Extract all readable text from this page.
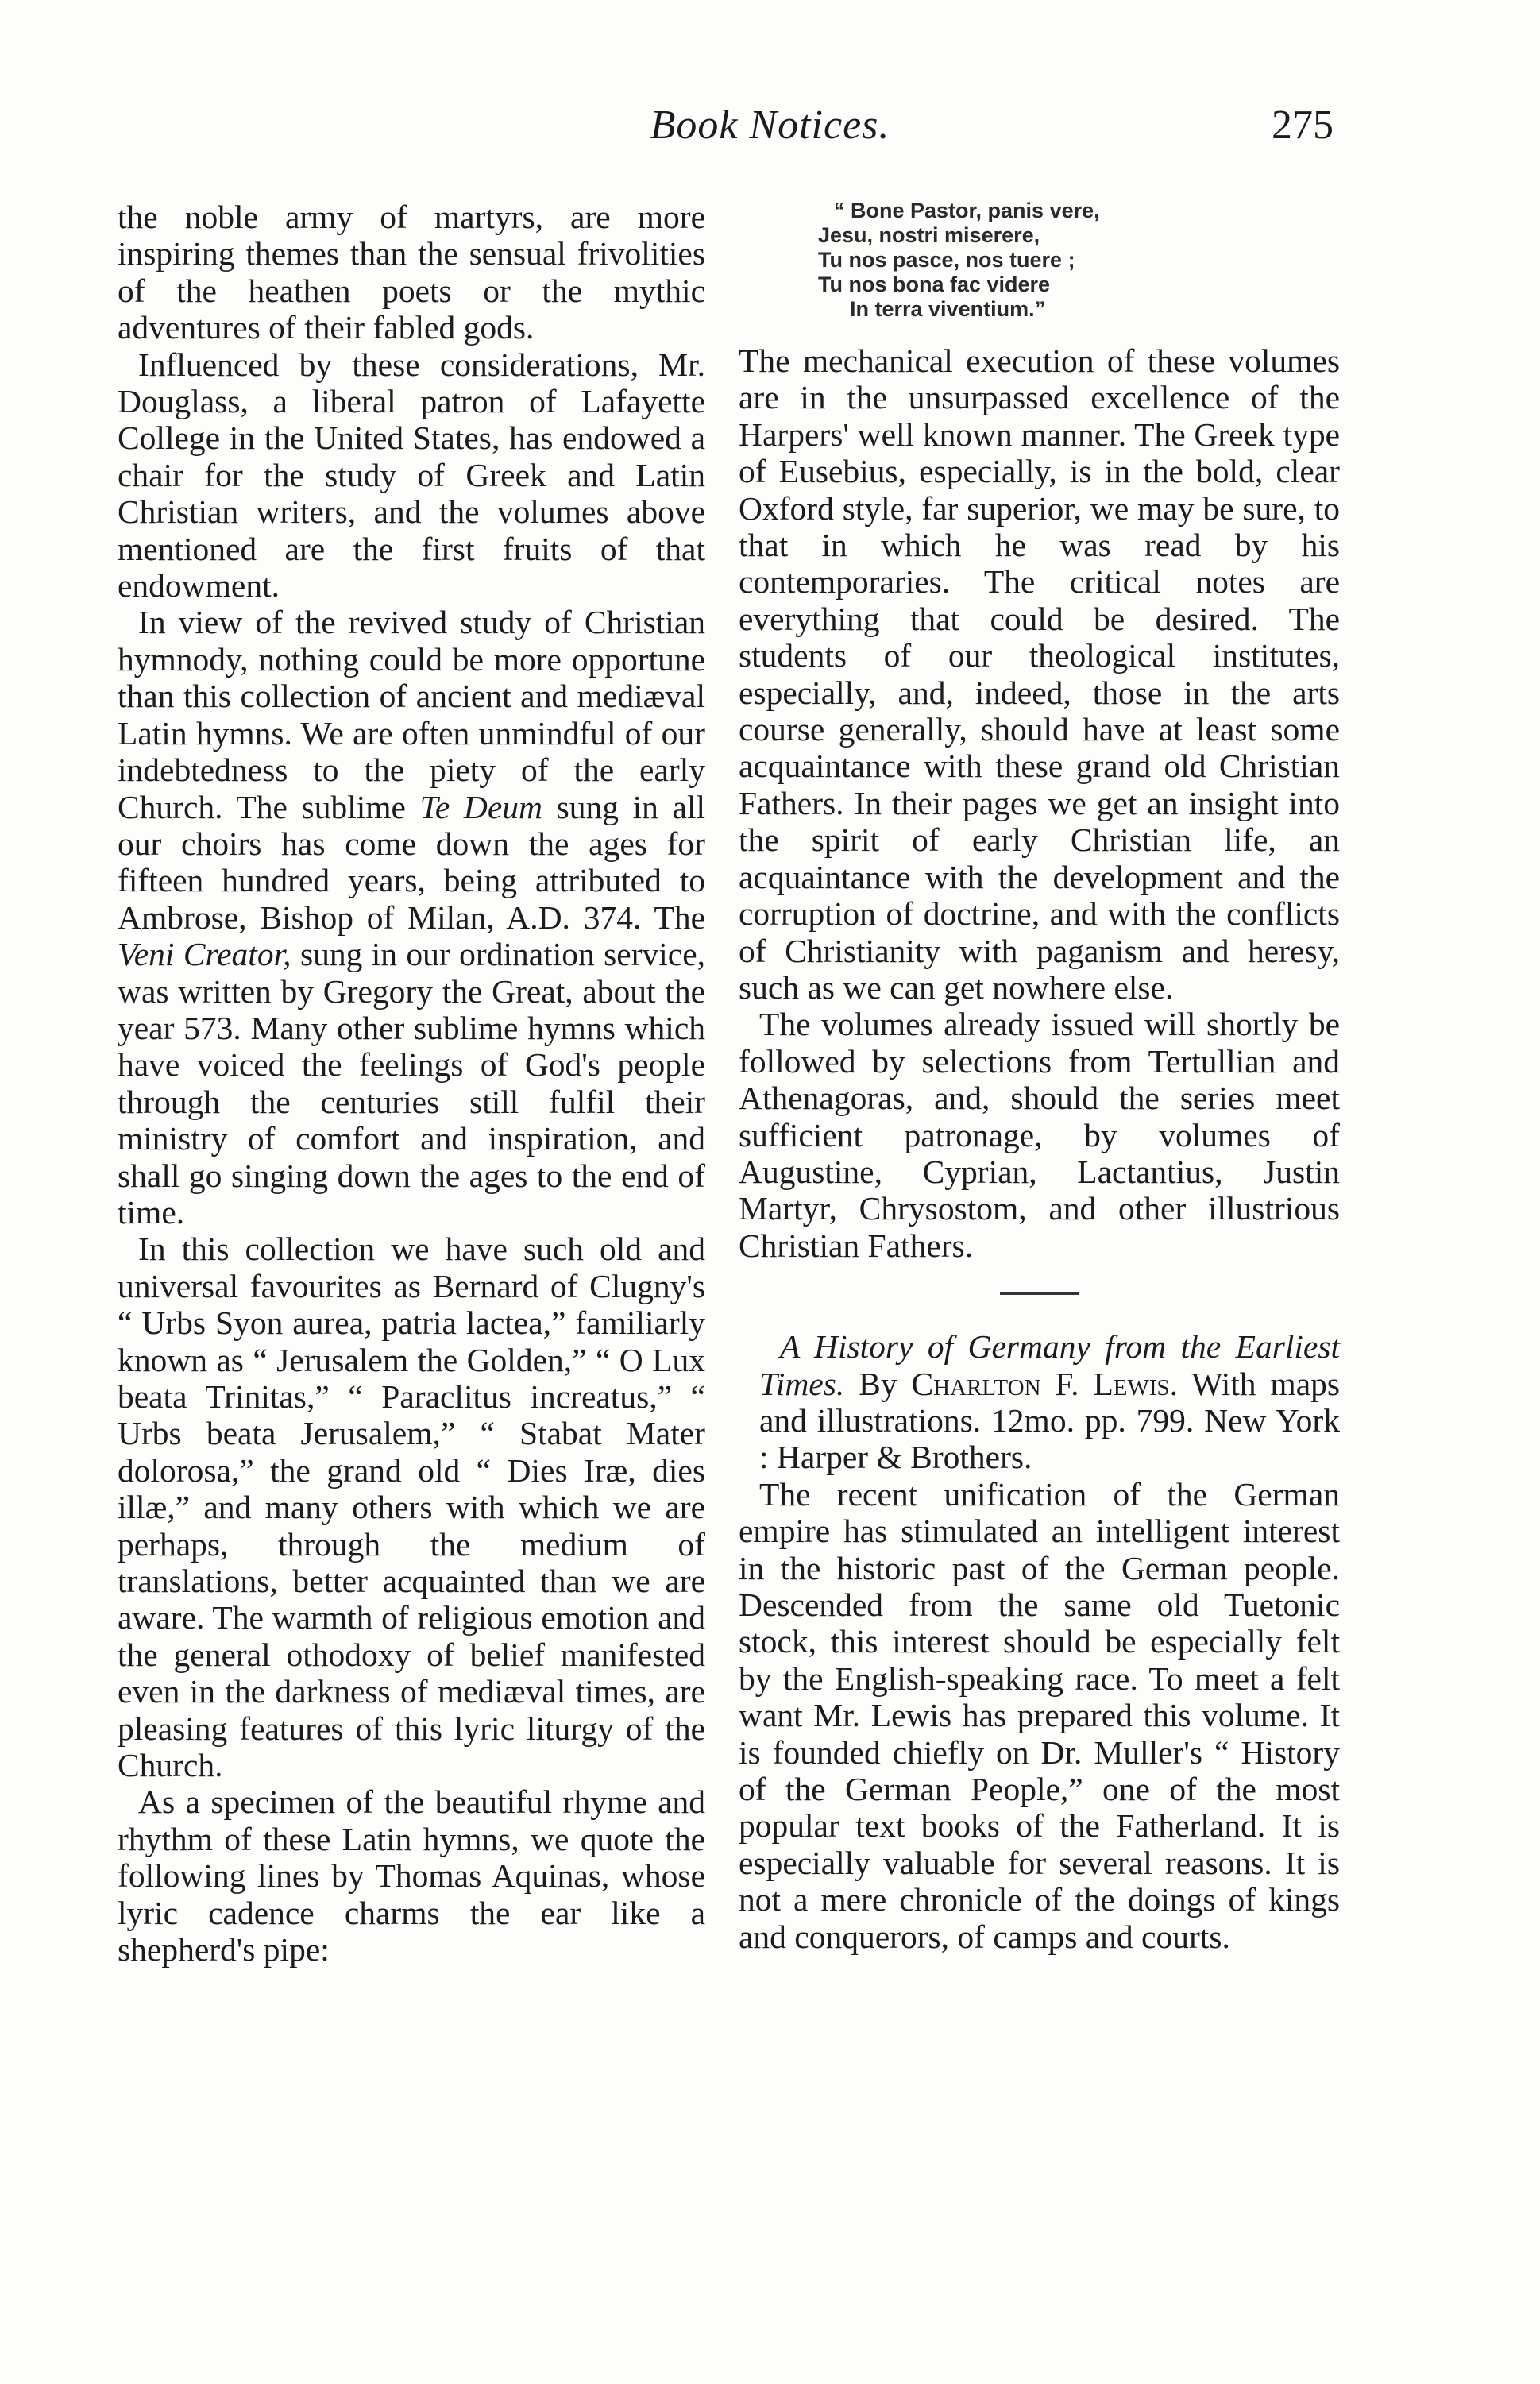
Book Notices.	275

the noble army of martyrs, are more inspiring themes than the sensual frivolities of the heathen poets or the mythic adventures of their fabled gods.

Influenced by these considerations, Mr. Douglass, a liberal patron of Lafayette College in the United States, has endowed a chair for the study of Greek and Latin Christian writers, and the volumes above mentioned are the first fruits of that endowment.

In view of the revived study of Christian hymnody, nothing could be more opportune than this collection of ancient and mediæval Latin hymns. We are often unmindful of our indebtedness to the piety of the early Church. The sublime Te Deum sung in all our choirs has come down the ages for fifteen hundred years, being attributed to Ambrose, Bishop of Milan, A.D. 374. The Veni Creator, sung in our ordination service, was written by Gregory the Great, about the year 573. Many other sublime hymns which have voiced the feelings of God's people through the centuries still fulfil their ministry of comfort and inspiration, and shall go singing down the ages to the end of time.

In this collection we have such old and universal favourites as Bernard of Clugny's “ Urbs Syon aurea, patria lactea,” familiarly known as “ Jerusalem the Golden,” “ O Lux beata Trinitas,” “ Paraclitus increatus,” “ Urbs beata Jerusalem,” “ Stabat Mater dolorosa,” the grand old “ Dies Iræ, dies illæ,” and many others with which we are perhaps, through the medium of translations, better acquainted than we are aware. The warmth of religious emotion and the general othodoxy of belief manifested even in the darkness of mediæval times, are pleasing features of this lyric liturgy of the Church.

As a specimen of the beautiful rhyme and rhythm of these Latin hymns, we quote the following lines by Thomas Aquinas, whose lyric cadence charms the ear like a shepherd's pipe:

“ Bone Pastor, panis vere,
Jesu, nostri miserere,
Tu nos pasce, nos tuere ;
Tu nos bona fac videre
In terra viventium.”

The mechanical execution of these volumes are in the unsurpassed excellence of the Harpers' well known manner. The Greek type of Eusebius, especially, is in the bold, clear Oxford style, far superior, we may be sure, to that in which he was read by his contemporaries. The critical notes are everything that could be desired. The students of our theological institutes, especially, and, indeed, those in the arts course generally, should have at least some acquaintance with these grand old Christian Fathers. In their pages we get an insight into the spirit of early Christian life, an acquaintance with the development and the corruption of doctrine, and with the conflicts of Christianity with paganism and heresy, such as we can get nowhere else.

The volumes already issued will shortly be followed by selections from Tertullian and Athenagoras, and, should the series meet sufficient patronage, by volumes of Augustine, Cyprian, Lactantius, Justin Martyr, Chrysostom, and other illustrious Christian Fathers.

A History of Germany from the Earliest Times. By Charlton F. Lewis. With maps and illustrations. 12mo. pp. 799. New York : Harper & Brothers.

The recent unification of the German empire has stimulated an intelligent interest in the historic past of the German people. Descended from the same old Tuetonic stock, this interest should be especially felt by the English-speaking race. To meet a felt want Mr. Lewis has prepared this volume. It is founded chiefly on Dr. Muller's “ History of the German People,” one of the most popular text books of the Fatherland. It is especially valuable for several reasons. It is not a mere chronicle of the doings of kings and conquerors, of camps and courts.
